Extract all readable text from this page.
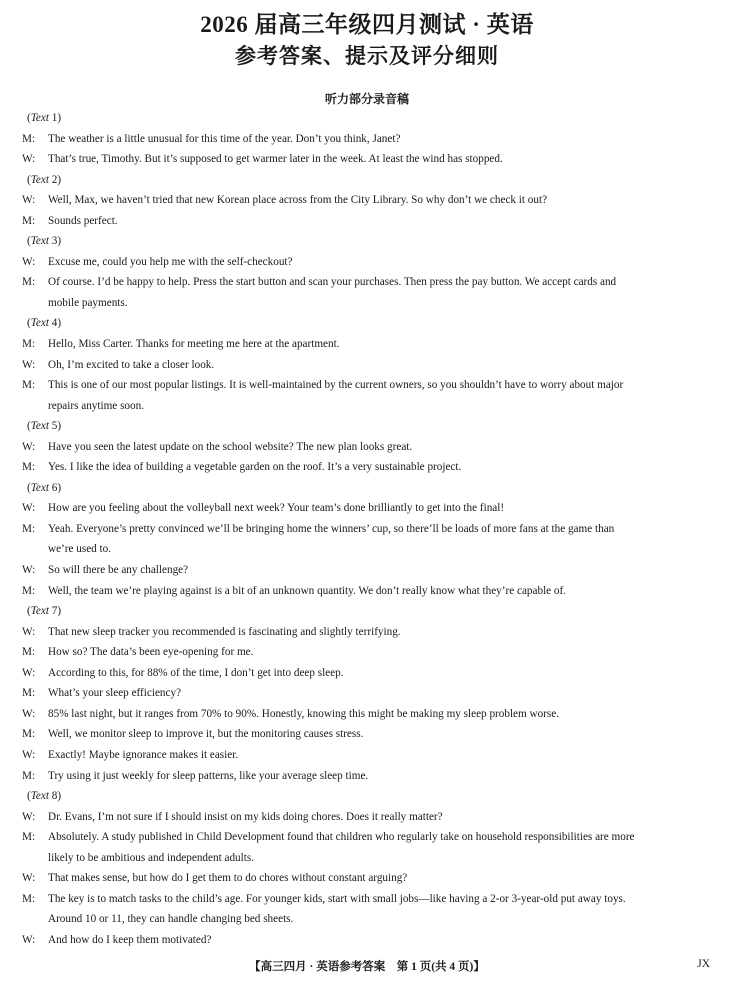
2026 届高三年级四月测试 · 英语
参考答案、提示及评分细则
听力部分录音稿
(Text 1)
M: The weather is a little unusual for this time of the year. Don’t you think, Janet?
W: That’s true, Timothy. But it’s supposed to get warmer later in the week. At least the wind has stopped.
(Text 2)
W: Well, Max, we haven’t tried that new Korean place across from the City Library. So why don’t we check it out?
M: Sounds perfect.
(Text 3)
W: Excuse me, could you help me with the self-checkout?
M: Of course. I’d be happy to help. Press the start button and scan your purchases. Then press the pay button. We accept cards and
mobile payments.
(Text 4)
M: Hello, Miss Carter. Thanks for meeting me here at the apartment.
W: Oh, I’m excited to take a closer look.
M: This is one of our most popular listings. It is well-maintained by the current owners, so you shouldn’t have to worry about major
repairs anytime soon.
(Text 5)
W: Have you seen the latest update on the school website? The new plan looks great.
M: Yes. I like the idea of building a vegetable garden on the roof. It’s a very sustainable project.
(Text 6)
W: How are you feeling about the volleyball next week? Your team’s done brilliantly to get into the final!
M: Yeah. Everyone’s pretty convinced we’ll be bringing home the winners’ cup, so there’ll be loads of more fans at the game than
we’re used to.
W: So will there be any challenge?
M: Well, the team we’re playing against is a bit of an unknown quantity. We don’t really know what they’re capable of.
(Text 7)
W: That new sleep tracker you recommended is fascinating and slightly terrifying.
M: How so? The data’s been eye-opening for me.
W: According to this, for 88% of the time, I don’t get into deep sleep.
M: What’s your sleep efficiency?
W: 85% last night, but it ranges from 70% to 90%. Honestly, knowing this might be making my sleep problem worse.
M: Well, we monitor sleep to improve it, but the monitoring causes stress.
W: Exactly! Maybe ignorance makes it easier.
M: Try using it just weekly for sleep patterns, like your average sleep time.
(Text 8)
W: Dr. Evans, I’m not sure if I should insist on my kids doing chores. Does it really matter?
M: Absolutely. A study published in Child Development found that children who regularly take on household responsibilities are more
likely to be ambitious and independent adults.
W: That makes sense, but how do I get them to do chores without constant arguing?
M: The key is to match tasks to the child’s age. For younger kids, start with small jobs—like having a 2-or 3-year-old put away toys.
Around 10 or 11, they can handle changing bed sheets.
W: And how do I keep them motivated?
【高三四月 · 英语参考答案　第 1 页(共 4 页)】	JX
